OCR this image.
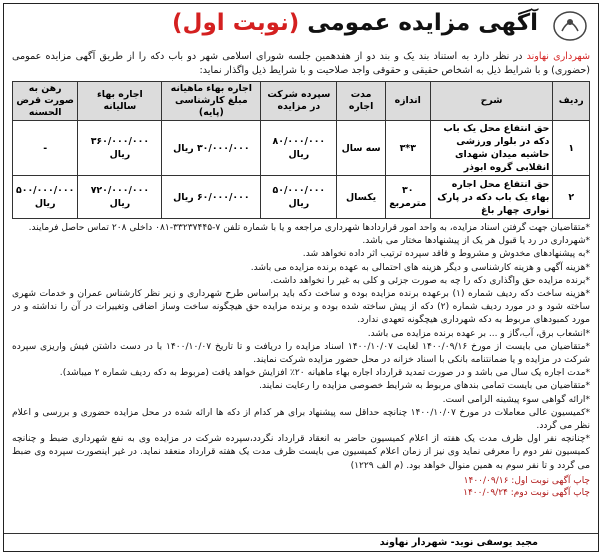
آگهی مزایده عمومی (نوبت اول)
شهرداری نهاوند در نظر دارد به استناد بند یک و بند دو از هفدهمین جلسه شورای اسلامی شهر دو باب دکه را از طریق آگهی مزایده عمومی (حضوری) و با شرایط ذیل به اشخاص حقیقی و حقوقی واجد صلاحیت و با شرایط ذیل واگذار نماید:
ردیف	شرح	اندازه	مدت اجاره	سپرده شرکت در مزایده	اجاره بهاء ماهیانه مبلغ کارشناسی (پایه)	اجاره بهاء سالیانه	رهن به صورت قرض الحسنه
۱	حق انتفاع محل یک باب دکه در بلوار ورزشی حاشیه میدان شهدای انقلابی گروه ابوذر	۳*۳	سه سال	۸۰/۰۰۰/۰۰۰ ریال	۳۰/۰۰۰/۰۰۰ ریال	۳۶۰/۰۰۰/۰۰۰ ریال	-
۲	حق انتفاع محل اجاره بهاء یک باب دکه در پارک نواری چهار باغ	۳۰ مترمربع	یکسال	۵۰/۰۰۰/۰۰۰ ریال	۶۰/۰۰۰/۰۰۰ ریال	۷۲۰/۰۰۰/۰۰۰ ریال	۵۰۰/۰۰۰/۰۰۰ ریال

*متقاضیان جهت گرفتن اسناد مزایده، به واحد امور قراردادها شهرداری مراجعه و یا با شماره تلفن ۷-۳۳۲۳۷۴۴۵-۰۸۱ داخلی ۲۰۸ تماس حاصل فرمایند.

*شهرداری در رد یا قبول هر یک از پیشنهادها مختار می باشد.

*به پیشنهادهای مخدوش و مشروط و فاقد سپرده ترتیب اثر داده نخواهد شد.

*هزینه آگهی و هزینه کارشناسی و دیگر هزینه های احتمالی به عهده برنده مزایده می باشد.

*برنده مزایده حق واگذاری دکه را چه به صورت جزئی و کلی به غیر را نخواهد داشت.

*هزینه ساخت دکه ردیف شماره (۱) برعهده برنده مزایده بوده و ساخت دکه باید براساس طرح شهرداری و زیر نظر کارشناس عمران و خدمات شهری ساخته شود و در مورد ردیف شماره (۲) دکه از پیش ساخته شده بوده و برنده مزایده حق هیچگونه ساخت وساز اضافی وتغییرات در آن را نداشته و در مورد کمبودهای مربوط به دکه شهرداری هیچگونه تعهدی ندارد.

*انشعاب برق، آب،گاز و ... بر عهده برنده مزایده می باشد.

*متقاضیان می بایست از مورخ ۱۴۰۰/۰۹/۱۶ لغایت ۱۴۰۰/۱۰/۰۷ اسناد مزایده را دریافت و تا تاریخ ۱۴۰۰/۱۰/۰۷ با در دست داشتن فیش واریزی سپرده شرکت در مزایده و یا ضمانتنامه بانکی با اسناد خزانه در محل حضور مزایده شرکت نمایند.

*مدت اجاره یک سال می باشد و در صورت تمدید قرارداد اجاره بهاء ماهیانه ۲۰٪ افزایش خواهد یافت (مربوط به دکه ردیف شماره ۲ میباشد).

*متقاضیان می بایست تمامی بندهای مربوط به شرایط خصوصی مزایده را رعایت نمایند.

*ارائه گواهی سوء پیشینه الزامی است.

*کمیسیون عالی معاملات در مورخ ۱۴۰۰/۱۰/۰۷ چنانچه حداقل سه پیشنهاد برای هر کدام از دکه ها ارائه شده در محل مزایده حضوری و بررسی و اعلام نظر می گردد.

*چنانچه نفر اول ظرف مدت یک هفته از اعلام کمیسیون حاضر به انعقاد قرارداد نگردد،سپرده شرکت در مزایده وی به نفع شهرداری ضبط و چنانچه کمیسیون نفر دوم را معرفی نماید وی نیز از زمان اعلام کمیسیون می بایست ظرف مدت یک هفته قرارداد منعقد نماید. در غیر اینصورت سپرده وی ضبط می گردد و تا نفر سوم به همین منوال خواهد بود. (م الف ۱۲۲۹)

چاپ آگهی نوبت اول: ۱۴۰۰/۰۹/۱۶

چاپ آگهی نوبت دوم: ۱۴۰۰/۰۹/۲۴

مجید یوسفی نوید- شهردار نهاوند
